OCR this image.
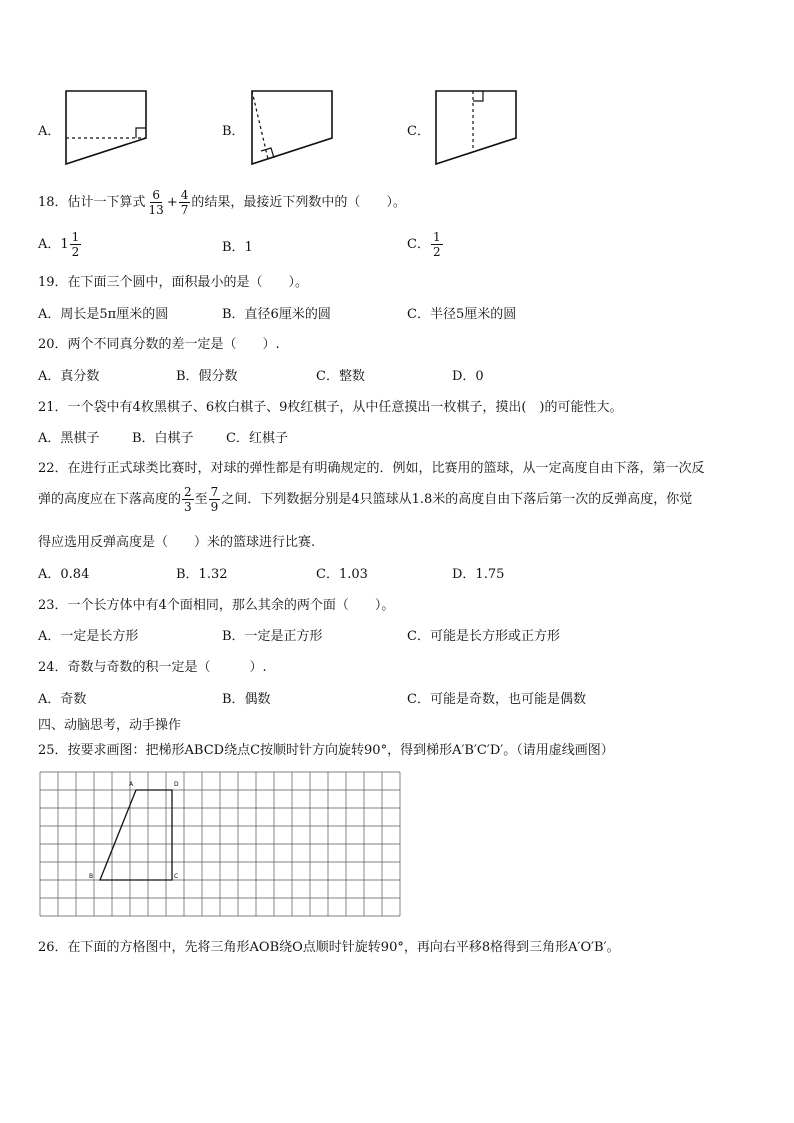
A．	B．	C．
18．估计一下算式 $\frac{6}{13} + \frac{4}{7}$ 的结果，最接近下列数中的（　　）。
A．$1 \frac{1}{2}$	B．1	C． $\frac{1}{2}$
19．在下面三个圆中，面积最小的是（　　）。
A．周长是5π厘米的圆	B．直径6厘米的圆	C．半径5厘米的圆
20．两个不同真分数的差一定是（　　）.
A．真分数	B．假分数	C．整数	D．0
21．一个袋中有4枚黑棋子、6枚白棋子、9枚红棋子，从中任意摸出一枚棋子，摸出(　)的可能性大。
A．黑棋子	B．白棋子 C．红棋子
22．在进行正式球类比赛时，对球的弹性都是有明确规定的．例如，比赛用的篮球，从一定高度自由下落，第一次反
弹的高度应在下落高度的 $\frac{2}{3}$ 至 $\frac{7}{9}$ 之间．下列数据分别是4只篮球从1.8米的高度自由下落后第一次的反弹高度，你觉
得应选用反弹高度是（　　）米的篮球进行比赛.
A．0.84	B．1.32	C．1.03	D．1.75
23．一个长方体中有4个面相同，那么其余的两个面（　　）。
A．一定是长方形	B．一定是正方形	C．可能是长方形或正方形
24．奇数与奇数的积一定是（　　　）.
A．奇数	B．偶数	C．可能是奇数，也可能是偶数
四、动脑思考，动手操作
25．按要求画图：把梯形ABCD绕点C按顺时针方向旋转90°，得到梯形A′B′C′D′。（请用虚线画图）
A	D
B	C
26．在下面的方格图中，先将三角形AOB绕O点顺时针旋转90°，再向右平移8格得到三角形A′O′B′。
